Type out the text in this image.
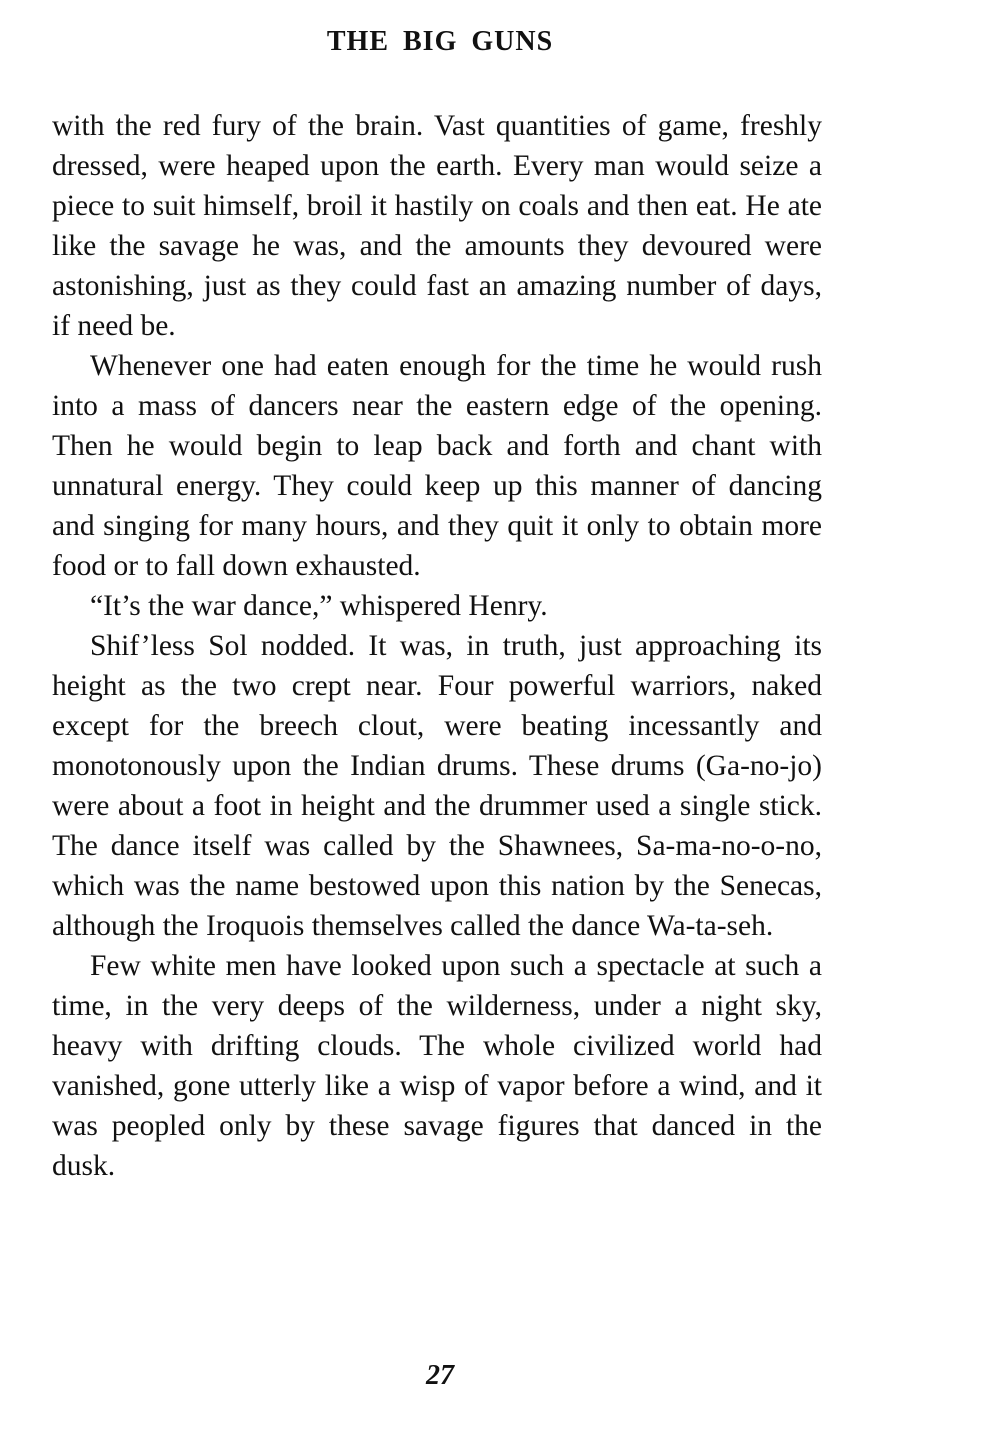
THE BIG GUNS

with the red fury of the brain. Vast quantities of game, freshly dressed, were heaped upon the earth. Every man would seize a piece to suit himself, broil it hastily on coals and then eat. He ate like the savage he was, and the amounts they devoured were astonishing, just as they could fast an amazing number of days, if need be.

Whenever one had eaten enough for the time he would rush into a mass of dancers near the eastern edge of the opening. Then he would begin to leap back and forth and chant with unnatural energy. They could keep up this manner of dancing and singing for many hours, and they quit it only to obtain more food or to fall down exhausted.

“It’s the war dance,” whispered Henry.

Shif’less Sol nodded. It was, in truth, just approaching its height as the two crept near. Four powerful warriors, naked except for the breech clout, were beating incessantly and monotonously upon the Indian drums. These drums (Ga-no-jo) were about a foot in height and the drummer used a single stick. The dance itself was called by the Shawnees, Sa-ma-no-o-no, which was the name bestowed upon this nation by the Senecas, although the Iroquois themselves called the dance Wa-ta-seh.

Few white men have looked upon such a spectacle at such a time, in the very deeps of the wilderness, under a night sky, heavy with drifting clouds. The whole civilized world had vanished, gone utterly like a wisp of vapor before a wind, and it was peopled only by these savage figures that danced in the dusk.

27
